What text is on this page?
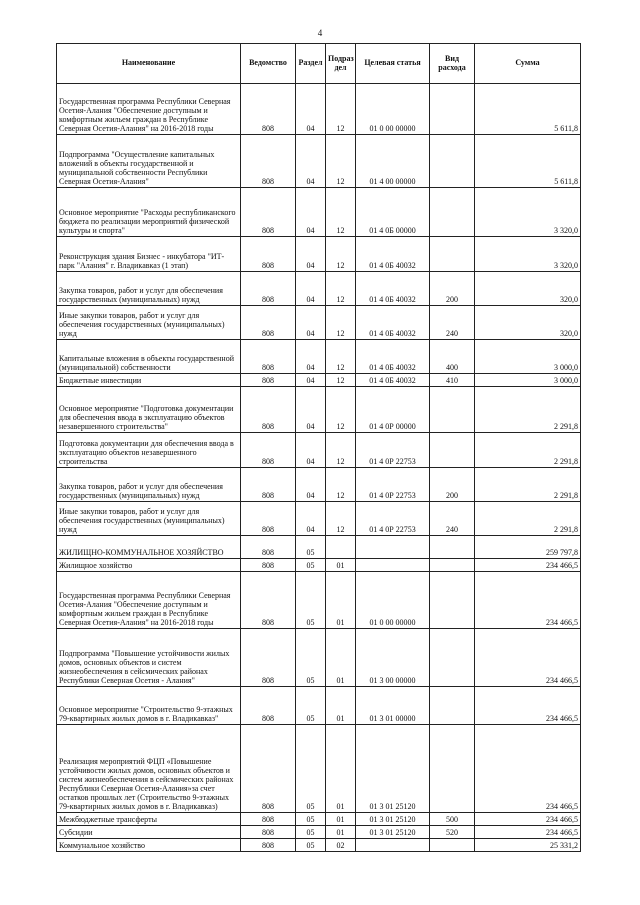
4
Наименование	Ведомство	Раздел	Подраз дел	Целевая статья	Вид расхода	Сумма
Государственная программа Республики Северная Осетия-Алания "Обеспечение доступным и комфортным жильем граждан в Республике Северная Осетия-Алания" на 2016-2018 годы	808	04	12	01 0 00 00000		5 611,8
Подпрограмма "Осуществление капитальных вложений в объекты государственной и муниципальной собственности Республики Северная Осетия-Алания"	808	04	12	01 4 00 00000		5 611,8
Основное мероприятие "Расходы республиканского бюджета по реализации мероприятий физической культуры и спорта"	808	04	12	01 4 0Б 00000		3 320,0
Реконструкция здания Бизнес - инкубатора "ИТ-парк "Алания" г. Владикавказ (1 этап)	808	04	12	01 4 0Б 40032		3 320,0
Закупка товаров, работ и услуг для обеспечения государственных (муниципальных) нужд	808	04	12	01 4 0Б 40032	200	320,0
Иные закупки товаров, работ и услуг для обеспечения государственных (муниципальных) нужд	808	04	12	01 4 0Б 40032	240	320,0
Капитальные вложения в объекты государственной (муниципальной) собственности	808	04	12	01 4 0Б 40032	400	3 000,0
Бюджетные инвестиции	808	04	12	01 4 0Б 40032	410	3 000,0
Основное мероприятие "Подготовка документации для обеспечения ввода в эксплуатацию объектов незавершенного строительства"	808	04	12	01 4 0Р 00000		2 291,8
Подготовка документации для обеспечения ввода в эксплуатацию объектов незавершенного строительства	808	04	12	01 4 0Р 22753		2 291,8
Закупка товаров, работ и услуг для обеспечения государственных (муниципальных) нужд	808	04	12	01 4 0Р 22753	200	2 291,8
Иные закупки товаров, работ и услуг для обеспечения государственных (муниципальных) нужд	808	04	12	01 4 0Р 22753	240	2 291,8
ЖИЛИЩНО-КОММУНАЛЬНОЕ ХОЗЯЙСТВО	808	05				259 797,8
Жилищное хозяйство	808	05	01			234 466,5
Государственная программа Республики Северная Осетия-Алания "Обеспечение доступным и комфортным жильем граждан в Республике Северная Осетия-Алания" на 2016-2018 годы	808	05	01	01 0 00 00000		234 466,5
Подпрограмма "Повышение устойчивости жилых домов, основных объектов и систем жизнеобеспечения в сейсмических районах Республики Северная Осетия - Алания"	808	05	01	01 3 00 00000		234 466,5
Основное мероприятие "Строительство 9-этажных 79-квартирных жилых домов в г. Владикавказ"	808	05	01	01 3 01 00000		234 466,5
Реализация мероприятий ФЦП «Повышение устойчивости жилых домов, основных объектов и систем жизнеобеспечения в сейсмических районах Республики Северная Осетия-Алания»за счет остатков прошлых лет (Строительство 9-этажных 79-квартирных жилых домов в г. Владикавказ)	808	05	01	01 3 01 25120		234 466,5
Межбюджетные трансферты	808	05	01	01 3 01 25120	500	234 466,5
Субсидии	808	05	01	01 3 01 25120	520	234 466,5
Коммунальное хозяйство	808	05	02			25 331,2
